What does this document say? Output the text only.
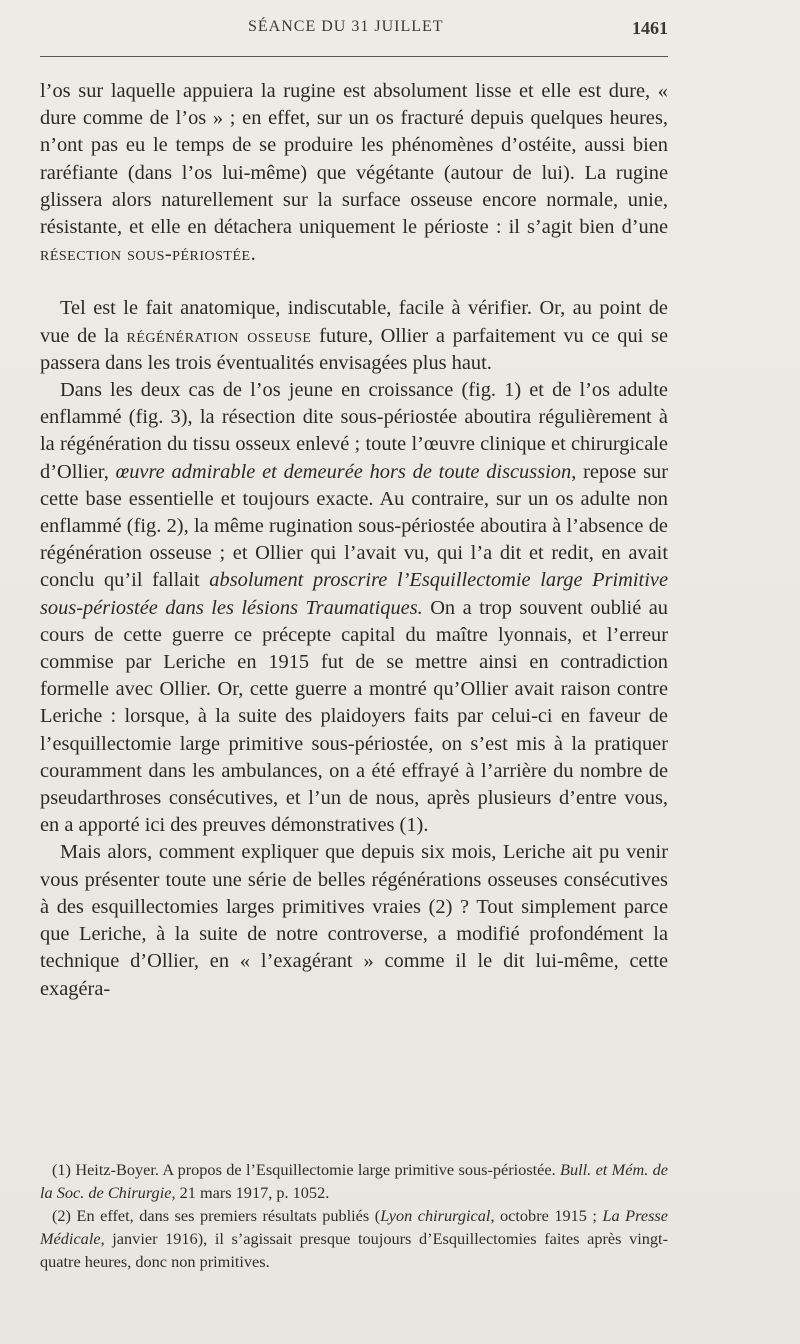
SÉANCE DU 31 JUILLET	1461

l’os sur laquelle appuiera la rugine est absolument lisse et elle est dure, « dure comme de l’os » ; en effet, sur un os fracturé depuis quelques heures, n’ont pas eu le temps de se produire les phénomènes d’ostéite, aussi bien raréfiante (dans l’os lui-même) que végétante (autour de lui). La rugine glissera alors naturellement sur la surface osseuse encore normale, unie, résistante, et elle en détachera uniquement le périoste : il s’agit bien d’une résection sous-périostée.

Tel est le fait anatomique, indiscutable, facile à vérifier. Or, au point de vue de la régénération osseuse future, Ollier a parfaitement vu ce qui se passera dans les trois éventualités envisagées plus haut.

Dans les deux cas de l’os jeune en croissance (fig. 1) et de l’os adulte enflammé (fig. 3), la résection dite sous-périostée aboutira régulièrement à la régénération du tissu osseux enlevé ; toute l’œuvre clinique et chirurgicale d’Ollier, œuvre admirable et demeurée hors de toute discussion, repose sur cette base essentielle et toujours exacte. Au contraire, sur un os adulte non enflammé (fig. 2), la même rugination sous-périostée aboutira à l’absence de régénération osseuse ; et Ollier qui l’avait vu, qui l’a dit et redit, en avait conclu qu’il fallait absolument proscrire l’Esquillectomie large Primitive sous-périostée dans les lésions Traumatiques. On a trop souvent oublié au cours de cette guerre ce précepte capital du maître lyonnais, et l’erreur commise par Leriche en 1915 fut de se mettre ainsi en contradiction formelle avec Ollier. Or, cette guerre a montré qu’Ollier avait raison contre Leriche : lorsque, à la suite des plaidoyers faits par celui-ci en faveur de l’esquillectomie large primitive sous-périostée, on s’est mis à la pratiquer couramment dans les ambulances, on a été effrayé à l’arrière du nombre de pseudarthroses consécutives, et l’un de nous, après plusieurs d’entre vous, en a apporté ici des preuves démonstratives (1).

Mais alors, comment expliquer que depuis six mois, Leriche ait pu venir vous présenter toute une série de belles régénérations osseuses consécutives à des esquillectomies larges primitives vraies (2) ? Tout simplement parce que Leriche, à la suite de notre controverse, a modifié profondément la technique d’Ollier, en « l’exagérant » comme il le dit lui-même, cette exagéra-

(1) Heitz-Boyer. A propos de l’Esquillectomie large primitive sous-périostée. Bull. et Mém. de la Soc. de Chirurgie, 21 mars 1917, p. 1052.

(2) En effet, dans ses premiers résultats publiés (Lyon chirurgical, octobre 1915 ; La Presse Médicale, janvier 1916), il s’agissait presque toujours d’Esquillectomies faites après vingt-quatre heures, donc non primitives.
